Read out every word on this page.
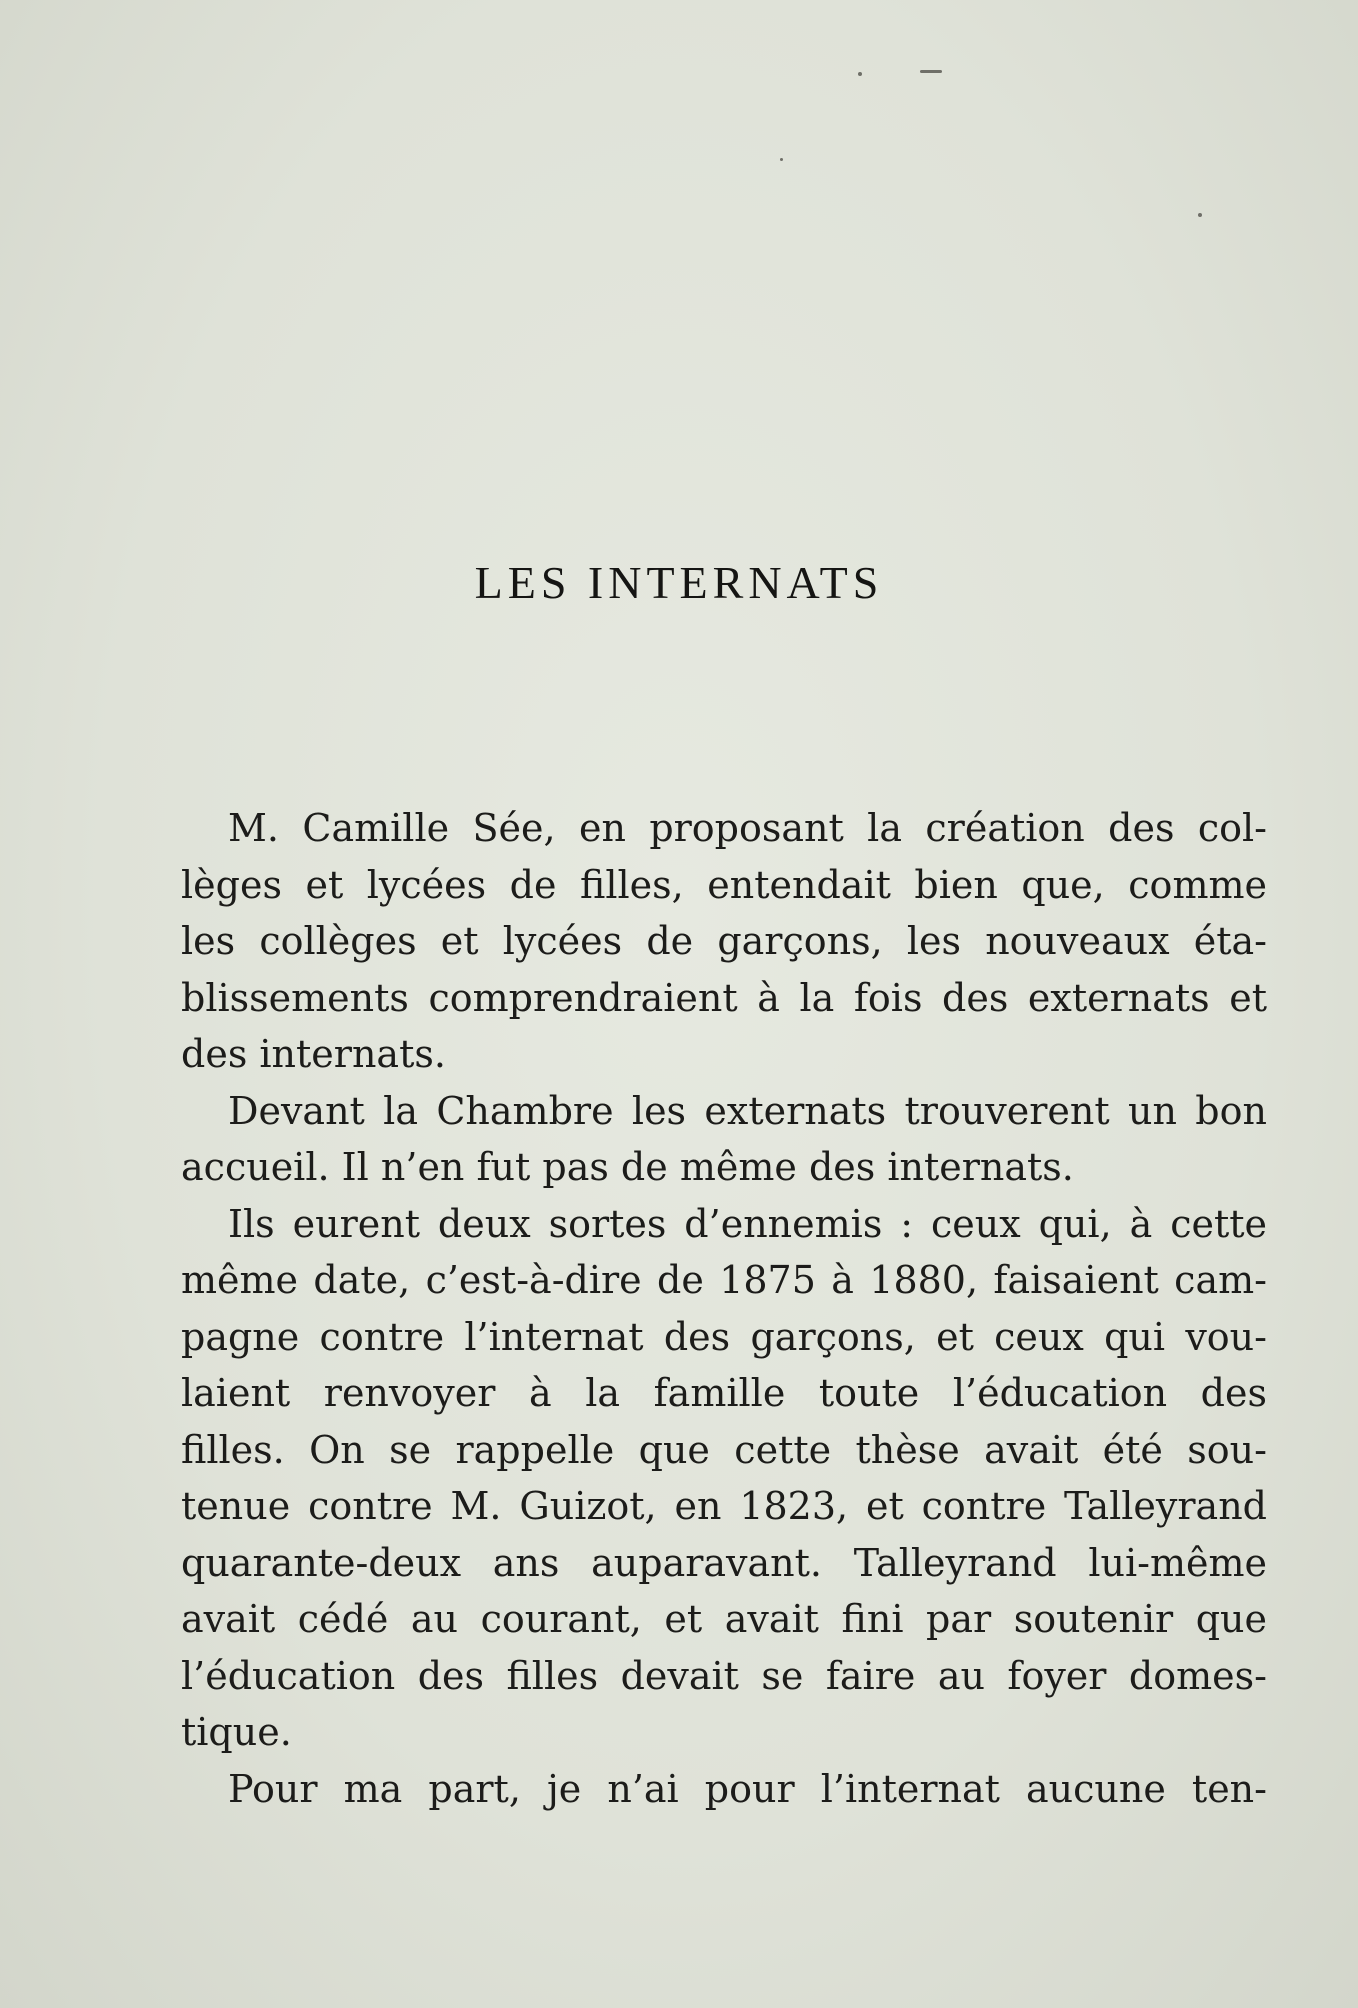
LES INTERNATS

M. Camille Sée, en proposant la création des col-
lèges et lycées de filles, entendait bien que, comme
les collèges et lycées de garçons, les nouveaux éta-
blissements comprendraient à la fois des externats et
des internats.

Devant la Chambre les externats trouverent un bon
accueil. Il n’en fut pas de même des internats.

Ils eurent deux sortes d’ennemis : ceux qui, à cette
même date, c’est-à-dire de 1875 à 1880, faisaient cam-
pagne contre l’internat des garçons, et ceux qui vou-
laient renvoyer à la famille toute l’éducation des
filles. On se rappelle que cette thèse avait été sou-
tenue contre M. Guizot, en 1823, et contre Talleyrand
quarante-deux ans auparavant. Talleyrand lui-même
avait cédé au courant, et avait fini par soutenir que
l’éducation des filles devait se faire au foyer domes-
tique.

Pour ma part, je n’ai pour l’internat aucune ten-
